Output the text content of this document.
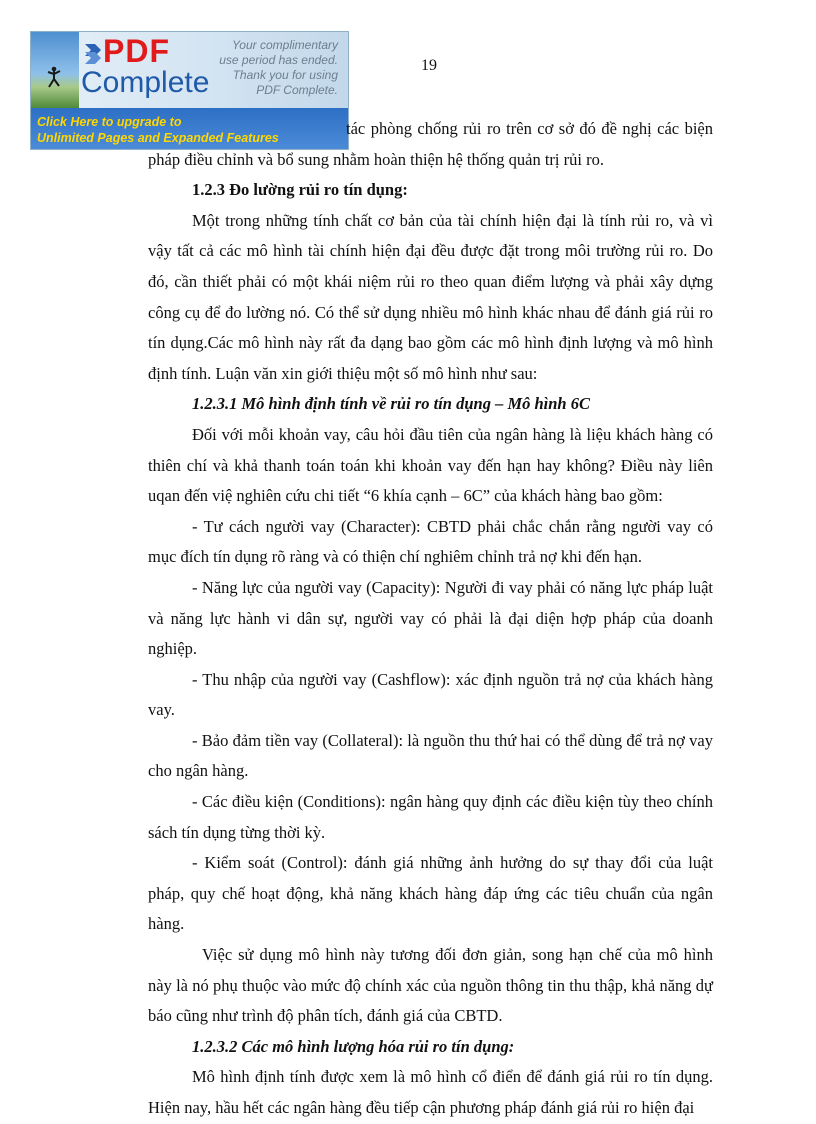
19
PDF
Complete
Your complimentary
use period has ended.
Thank you for using
PDF Complete.
Click Here to upgrade to
Unlimited Pages and Expanded Features	tác phòng chống rủi ro trên cơ sở đó đề nghị các biện pháp điều chỉnh và bổ sung nhằm hoàn thiện hệ thống quản trị rủi ro.

1.2.3 Đo lường rủi ro tín dụng:

Một trong những tính chất cơ bản của tài chính hiện đại là tính rủi ro, và vì vậy tất cả các mô hình tài chính hiện đại đều được đặt trong môi trường rủi ro. Do đó, cần thiết phải có một khái niệm rủi ro theo quan điểm lượng và phải xây dựng công cụ để đo lường nó. Có thể sử dụng nhiều mô hình khác nhau để đánh giá rủi ro tín dụng.Các mô hình này rất đa dạng bao gồm các mô hình định lượng và mô hình định tính. Luận văn xin giới thiệu một số mô hình như sau:

1.2.3.1 Mô hình định tính về rủi ro tín dụng – Mô hình 6C

Đối với mỗi khoản vay, câu hỏi đầu tiên của ngân hàng là liệu khách hàng có thiên chí và khả thanh toán toán khi khoản vay đến hạn hay không? Điều này liên uqan đến việ nghiên cứu chi tiết “6 khía cạnh – 6C” của khách hàng bao gồm:

- Tư cách người vay (Character): CBTD phải chắc chắn rằng người vay có mục đích tín dụng rõ ràng và có thiện chí nghiêm chỉnh trả nợ khi đến hạn.

- Năng lực của người vay (Capacity): Người đi vay phải có năng lực pháp luật và năng lực hành vi dân sự, người vay có phải là đại diện hợp pháp của doanh nghiệp.

- Thu nhập của người vay (Cashflow): xác định nguồn trả nợ của khách hàng vay.

- Bảo đảm tiền vay (Collateral): là nguồn thu thứ hai có thể dùng để trả nợ vay cho ngân hàng.

- Các điều kiện (Conditions): ngân hàng quy định các điều kiện tùy theo chính sách tín dụng từng thời kỳ.

- Kiểm soát (Control): đánh giá những ảnh hưởng do sự thay đổi của luật pháp, quy chế hoạt động, khả năng khách hàng đáp ứng các tiêu chuẩn của ngân hàng.

Việc sử dụng mô hình này tương đối đơn giản, song hạn chế của mô hình này là nó phụ thuộc vào mức độ chính xác của nguồn thông tin thu thập, khả năng dự báo cũng như trình độ phân tích, đánh giá của CBTD.

1.2.3.2 Các mô hình lượng hóa rủi ro tín dụng:

Mô hình định tính được xem là mô hình cổ điển để đánh giá rủi ro tín dụng. Hiện nay, hầu hết các ngân hàng đều tiếp cận phương pháp đánh giá rủi ro hiện đại
